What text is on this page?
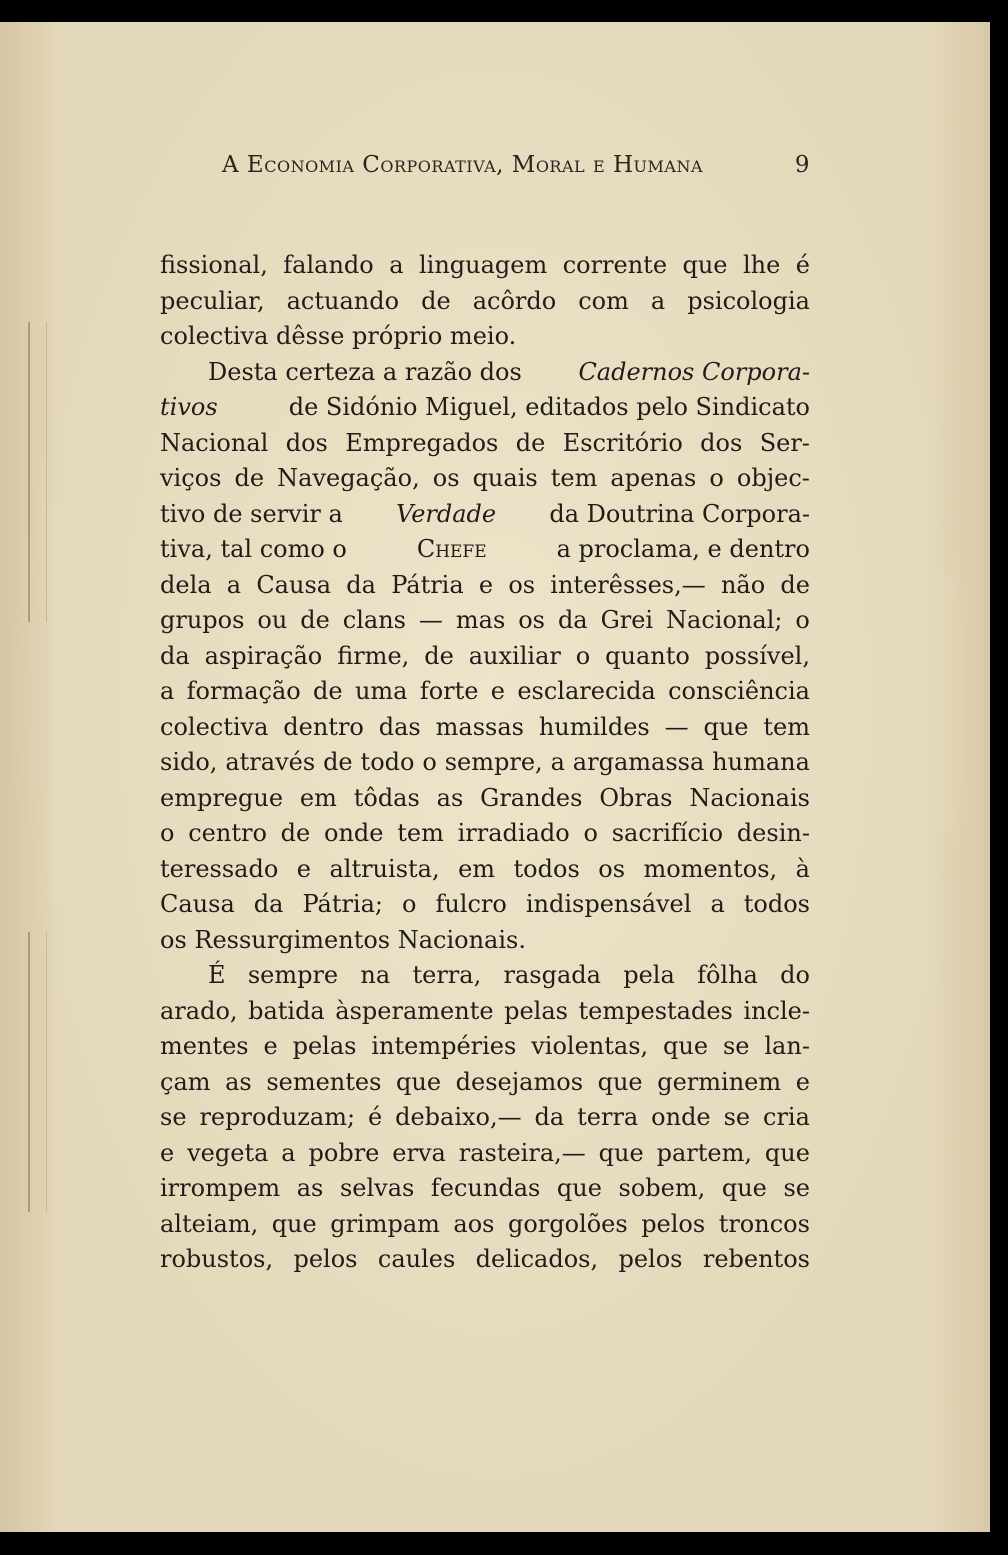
A Economia Corporativa, Moral e Humana	9
fissional, falando a linguagem corrente que lhe é
peculiar, actuando de acôrdo com a psicologia
colectiva dêsse próprio meio.
Desta certeza a razão dos Cadernos Corpora-
tivos	de Sidónio Miguel, editados pelo Sindicato
Nacional dos Empregados de Escritório dos Ser-
viços de Navegação, os quais tem apenas o objec-
tivo de servir a Verdade da Doutrina Corpora-
tiva, tal como o	Chefe	a proclama, e dentro
dela a Causa da Pátria e os interêsses,— não de
grupos ou de clans — mas os da Grei Nacional; o
da aspiração firme, de auxiliar o quanto possível,
a formação de uma forte e esclarecida consciência
colectiva dentro das massas humildes — que tem
sido, através de todo o sempre, a argamassa humana
empregue em tôdas as Grandes Obras Nacionais
o centro de onde tem irradiado o sacrifício desin-
teressado e altruista, em todos os momentos, à
Causa da Pátria; o fulcro indispensável a todos
os Ressurgimentos Nacionais.
É sempre na terra, rasgada pela fôlha do
arado, batida àsperamente pelas tempestades incle-
mentes e pelas intempéries violentas, que se lan-
çam as sementes que desejamos que germinem e
se reproduzam; é debaixo,— da terra onde se cria
e vegeta a pobre erva rasteira,— que partem, que
irrompem as selvas fecundas que sobem, que se
alteiam, que grimpam aos gorgolões pelos troncos
robustos, pelos caules delicados, pelos rebentos
